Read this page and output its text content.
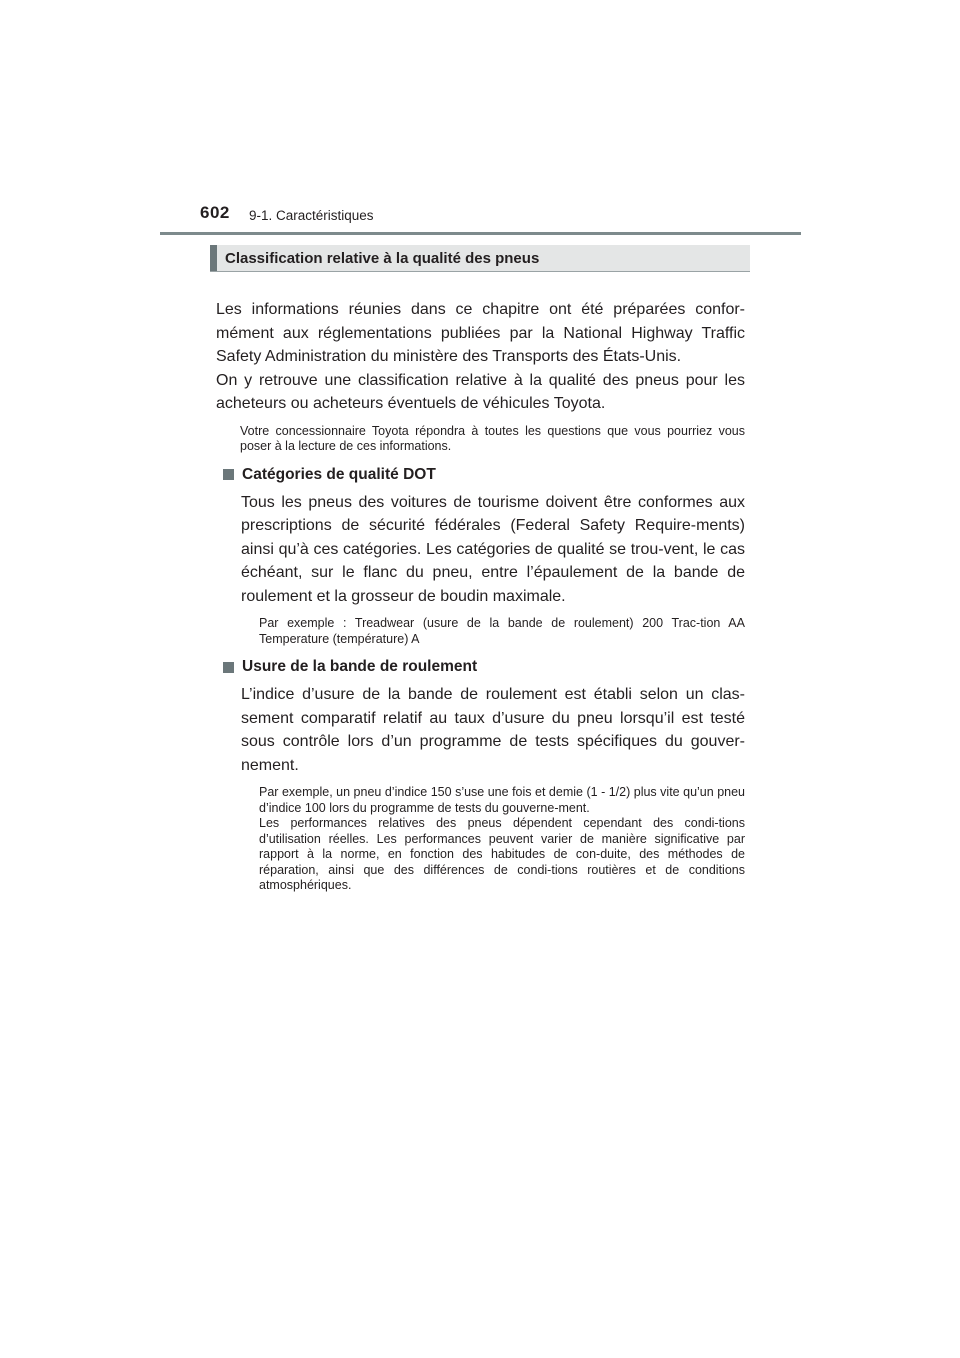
602 9-1. Caractéristiques
Classification relative à la qualité des pneus

Les informations réunies dans ce chapitre ont été préparées confor-mément aux réglementations publiées par la National Highway Traffic Safety Administration du ministère des Transports des États-Unis.

On y retrouve une classification relative à la qualité des pneus pour les acheteurs ou acheteurs éventuels de véhicules Toyota.

Votre concessionnaire Toyota répondra à toutes les questions que vous pourriez vous poser à la lecture de ces informations.

Catégories de qualité DOT

Tous les pneus des voitures de tourisme doivent être conformes aux prescriptions de sécurité fédérales (Federal Safety Require-ments) ainsi qu’à ces catégories. Les catégories de qualité se trou-vent, le cas échéant, sur le flanc du pneu, entre l’épaulement de la bande de roulement et la grosseur de boudin maximale.

Par exemple : Treadwear (usure de la bande de roulement) 200 Trac-tion AA Temperature (température) A

Usure de la bande de roulement

L’indice d’usure de la bande de roulement est établi selon un clas-sement comparatif relatif au taux d’usure du pneu lorsqu’il est testé sous contrôle lors d’un programme de tests spécifiques du gouver-nement.

Par exemple, un pneu d’indice 150 s’use une fois et demie (1 - 1/2) plus vite qu’un pneu d’indice 100 lors du programme de tests du gouverne-ment.

Les performances relatives des pneus dépendent cependant des condi-tions d’utilisation réelles. Les performances peuvent varier de manière significative par rapport à la norme, en fonction des habitudes de con-duite, des méthodes de réparation, ainsi que des différences de condi-tions routières et de conditions atmosphériques.
